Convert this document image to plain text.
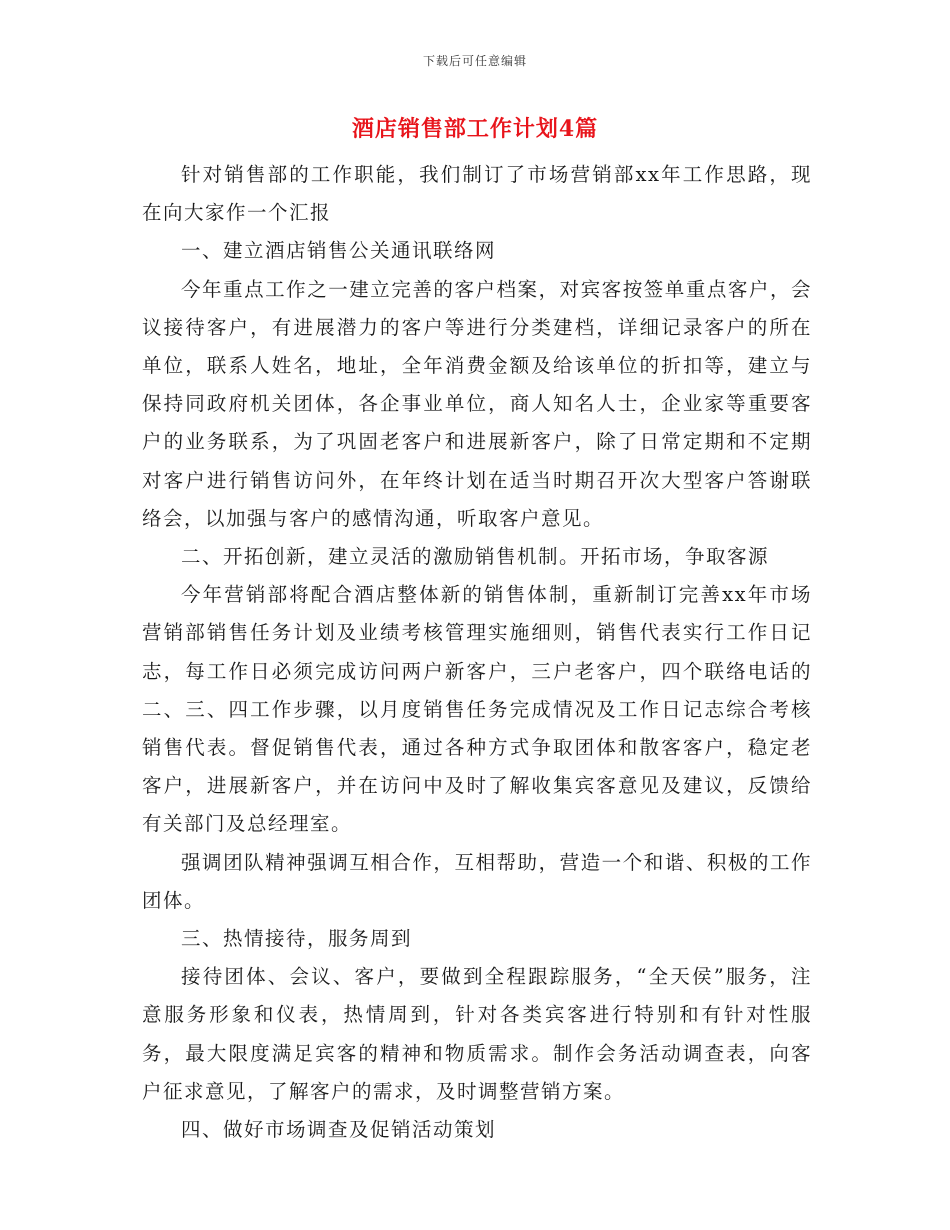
下载后可任意编辑
酒店销售部工作计划4篇

针对销售部的工作职能，我们制订了市场营销部xx年工作思路，现在向大家作一个汇报

一、建立酒店销售公关通讯联络网

今年重点工作之一建立完善的客户档案，对宾客按签单重点客户，会议接待客户，有进展潜力的客户等进行分类建档，详细记录客户的所在单位，联系人姓名，地址，全年消费金额及给该单位的折扣等，建立与保持同政府机关团体，各企事业单位，商人知名人士，企业家等重要客户的业务联系，为了巩固老客户和进展新客户，除了日常定期和不定期对客户进行销售访问外，在年终计划在适当时期召开次大型客户答谢联络会，以加强与客户的感情沟通，听取客户意见。

二、开拓创新，建立灵活的激励销售机制。开拓市场，争取客源

今年营销部将配合酒店整体新的销售体制，重新制订完善xx年市场营销部销售任务计划及业绩考核管理实施细则，销售代表实行工作日记志，每工作日必须完成访问两户新客户，三户老客户，四个联络电话的二、三、四工作步骤，以月度销售任务完成情况及工作日记志综合考核销售代表。督促销售代表，通过各种方式争取团体和散客客户，稳定老客户，进展新客户，并在访问中及时了解收集宾客意见及建议，反馈给有关部门及总经理室。

强调团队精神强调互相合作，互相帮助，营造一个和谐、积极的工作团体。

三、热情接待，服务周到

接待团体、会议、客户，要做到全程跟踪服务，“全天侯”服务，注意服务形象和仪表，热情周到，针对各类宾客进行特别和有针对性服务，最大限度满足宾客的精神和物质需求。制作会务活动调查表，向客户征求意见，了解客户的需求，及时调整营销方案。

四、做好市场调查及促销活动策划
